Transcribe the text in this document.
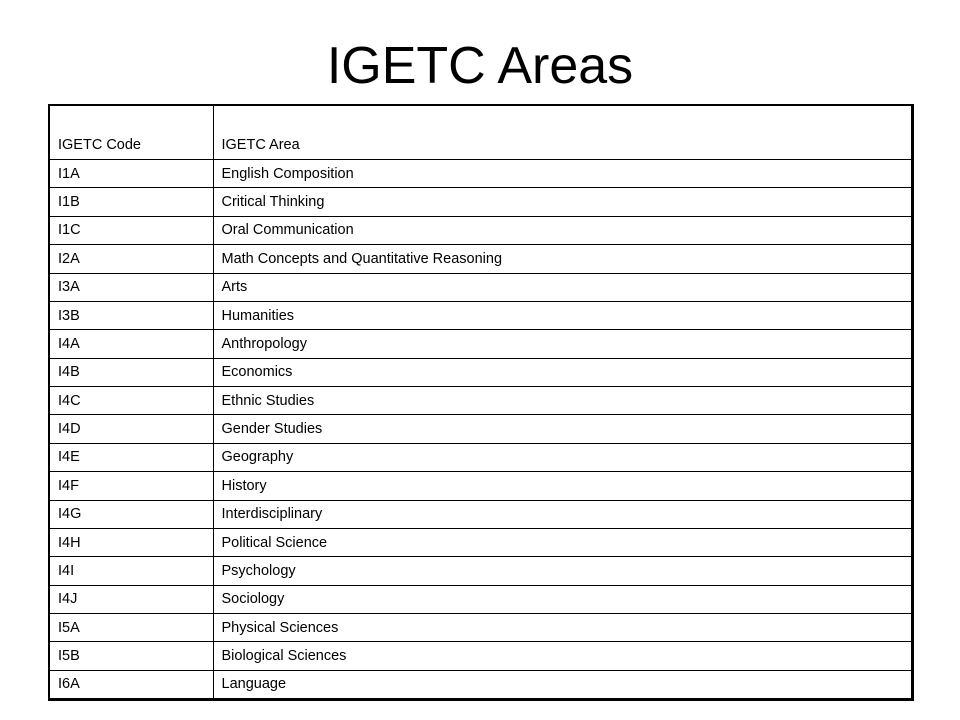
IGETC Areas
IGETC Code	IGETC Area
I1A	English Composition
I1B	Critical Thinking
I1C	Oral Communication
I2A	Math Concepts and Quantitative Reasoning
I3A	Arts
I3B	Humanities
I4A	Anthropology
I4B	Economics
I4C	Ethnic Studies
I4D	Gender Studies
I4E	Geography
I4F	History
I4G	Interdisciplinary
I4H	Political Science
I4I	Psychology
I4J	Sociology
I5A	Physical Sciences
I5B	Biological Sciences
I6A	Language
